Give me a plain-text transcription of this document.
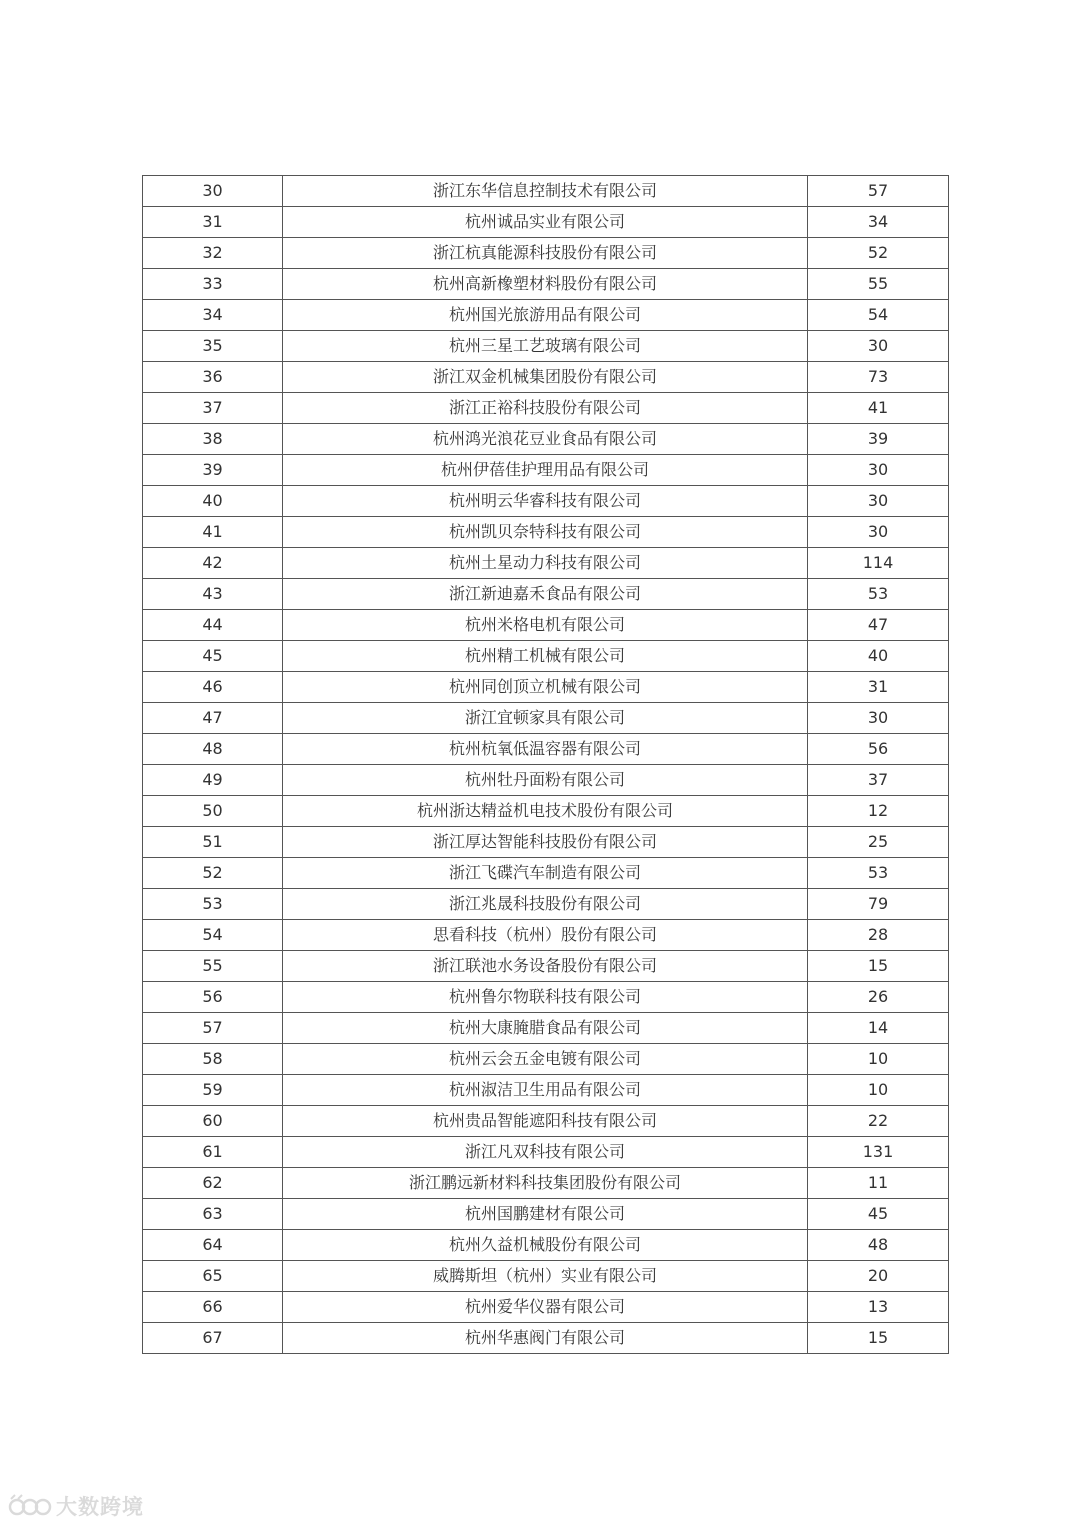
30	浙江东华信息控制技术有限公司	57
31	杭州诚品实业有限公司	34
32	浙江杭真能源科技股份有限公司	52
33	杭州高新橡塑材料股份有限公司	55
34	杭州国光旅游用品有限公司	54
35	杭州三星工艺玻璃有限公司	30
36	浙江双金机械集团股份有限公司	73
37	浙江正裕科技股份有限公司	41
38	杭州鸿光浪花豆业食品有限公司	39
39	杭州伊蓓佳护理用品有限公司	30
40	杭州明云华睿科技有限公司	30
41	杭州凯贝奈特科技有限公司	30
42	杭州土星动力科技有限公司	114
43	浙江新迪嘉禾食品有限公司	53
44	杭州米格电机有限公司	47
45	杭州精工机械有限公司	40
46	杭州同创顶立机械有限公司	31
47	浙江宜顿家具有限公司	30
48	杭州杭氧低温容器有限公司	56
49	杭州牡丹面粉有限公司	37
50	杭州浙达精益机电技术股份有限公司	12
51	浙江厚达智能科技股份有限公司	25
52	浙江飞碟汽车制造有限公司	53
53	浙江兆晟科技股份有限公司	79
54	思看科技（杭州）股份有限公司	28
55	浙江联池水务设备股份有限公司	15
56	杭州鲁尔物联科技有限公司	26
57	杭州大康腌腊食品有限公司	14
58	杭州云会五金电镀有限公司	10
59	杭州淑洁卫生用品有限公司	10
60	杭州贵品智能遮阳科技有限公司	22
61	浙江凡双科技有限公司	131
62	浙江鹏远新材料科技集团股份有限公司	11
63	杭州国鹏建材有限公司	45
64	杭州久益机械股份有限公司	48
65	威腾斯坦（杭州）实业有限公司	20
66	杭州爱华仪器有限公司	13
67	杭州华惠阀门有限公司	15
大数跨境
